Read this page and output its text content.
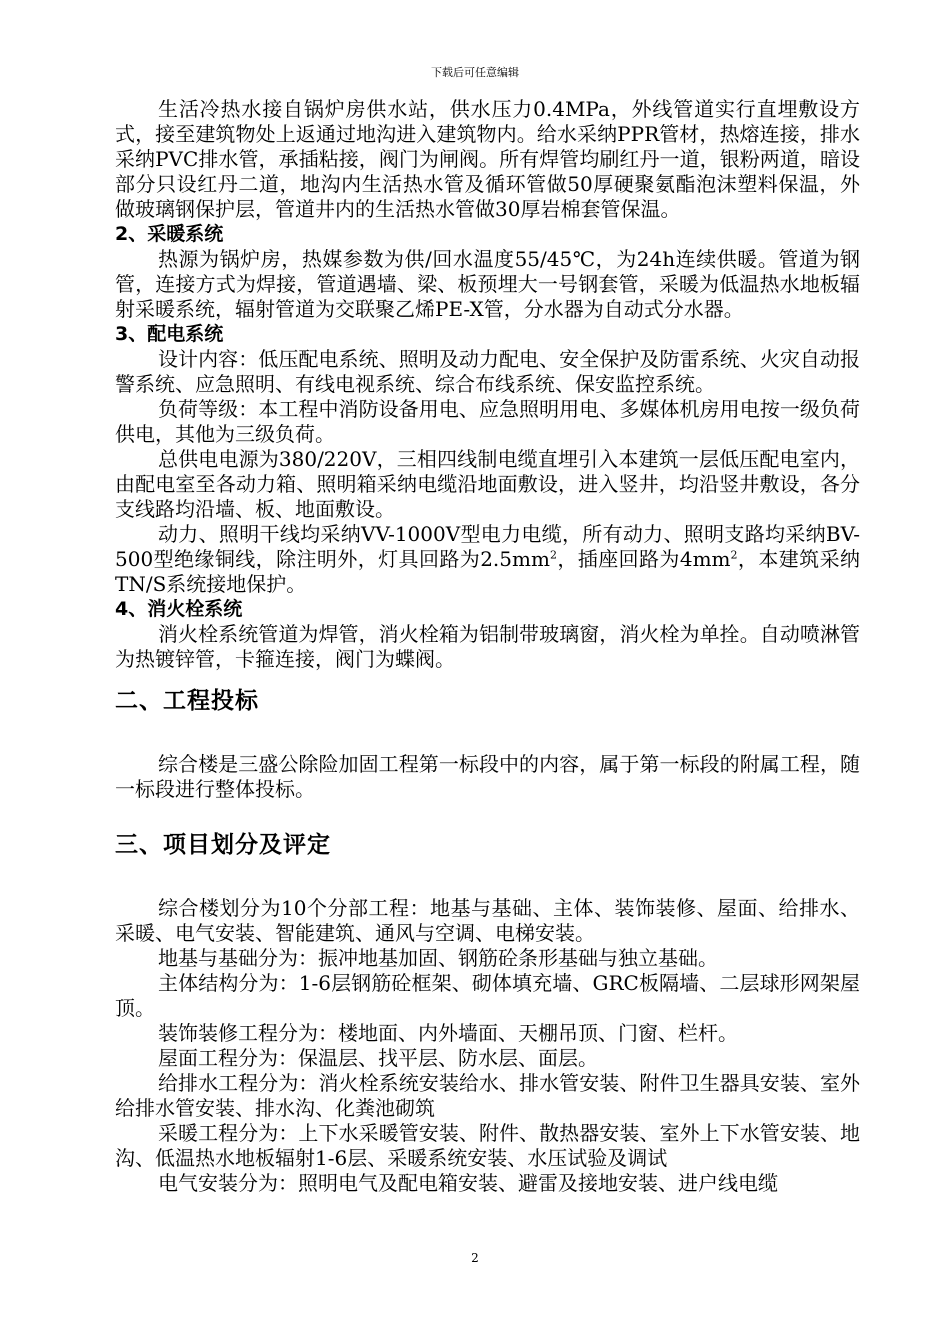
下载后可任意编辑

生活冷热水接自锅炉房供水站，供水压力0.4MPa，外线管道实行直埋敷设方式，接至建筑物处上返通过地沟进入建筑物内。给水采纳PPR管材，热熔连接，排水采纳PVC排水管，承插粘接，阀门为闸阀。所有焊管均刷红丹一道，银粉两道，暗设部分只设红丹二道，地沟内生活热水管及循环管做50厚硬聚氨酯泡沫塑料保温，外做玻璃钢保护层，管道井内的生活热水管做30厚岩棉套管保温。

2、采暖系统

热源为锅炉房，热媒参数为供/回水温度55/45℃，为24h连续供暖。管道为钢管，连接方式为焊接，管道遇墙、梁、板预埋大一号钢套管，采暖为低温热水地板辐射采暖系统，辐射管道为交联聚乙烯PE-X管，分水器为自动式分水器。

3、配电系统

设计内容：低压配电系统、照明及动力配电、安全保护及防雷系统、火灾自动报警系统、应急照明、有线电视系统、综合布线系统、保安监控系统。

负荷等级：本工程中消防设备用电、应急照明用电、多媒体机房用电按一级负荷供电，其他为三级负荷。

总供电电源为380/220V，三相四线制电缆直埋引入本建筑一层低压配电室内，由配电室至各动力箱、照明箱采纳电缆沿地面敷设，进入竖井，均沿竖井敷设，各分支线路均沿墙、板、地面敷设。

动力、照明干线均采纳VV-1000V型电力电缆，所有动力、照明支路均采纳BV-500型绝缘铜线，除注明外，灯具回路为$2.5mm^2$，插座回路为$4mm^2$，本建筑采纳TN/S系统接地保护。

4、消火栓系统

消火栓系统管道为焊管，消火栓箱为铝制带玻璃窗，消火栓为单拴。自动喷淋管为热镀锌管，卡箍连接，阀门为蝶阀。

二、工程投标

综合楼是三盛公除险加固工程第一标段中的内容，属于第一标段的附属工程，随一标段进行整体投标。

三、项目划分及评定

综合楼划分为10个分部工程：地基与基础、主体、装饰装修、屋面、给排水、采暖、电气安装、智能建筑、通风与空调、电梯安装。

地基与基础分为：振冲地基加固、钢筋砼条形基础与独立基础。

主体结构分为：1-6层钢筋砼框架、砌体填充墙、GRC板隔墙、二层球形网架屋顶。

装饰装修工程分为：楼地面、内外墙面、天棚吊顶、门窗、栏杆。

屋面工程分为：保温层、找平层、防水层、面层。

给排水工程分为：消火栓系统安装给水、排水管安装、附件卫生器具安装、室外给排水管安装、排水沟、化粪池砌筑

采暖工程分为：上下水采暖管安装、附件、散热器安装、室外上下水管安装、地沟、低温热水地板辐射1-6层、采暖系统安装、水压试验及调试

电气安装分为：照明电气及配电箱安装、避雷及接地安装、进户线电缆

2
